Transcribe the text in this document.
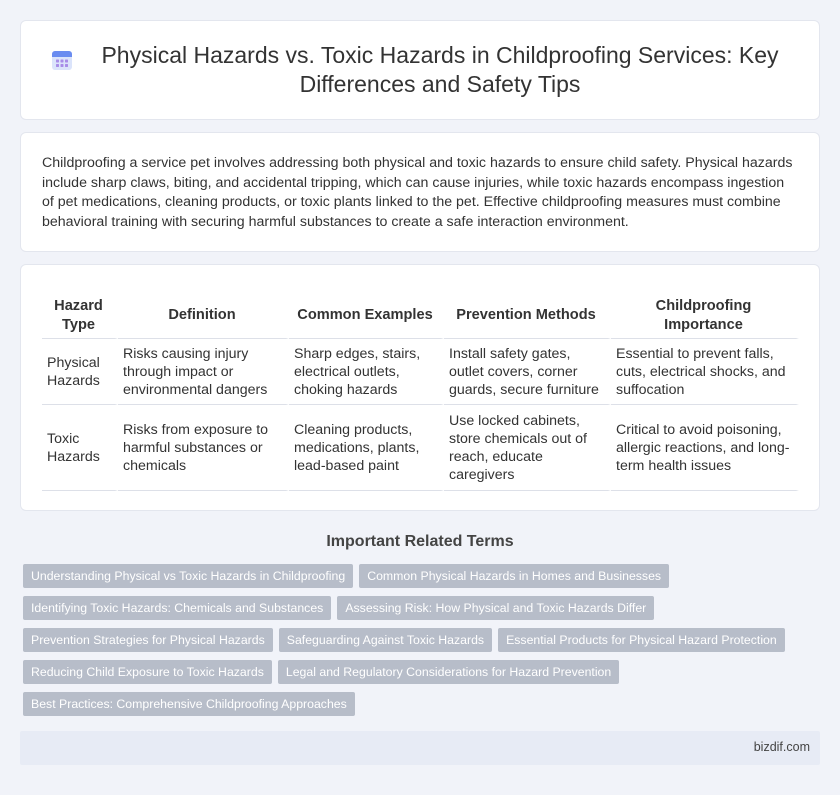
Physical Hazards vs. Toxic Hazards in Childproofing Services: Key Differences and Safety Tips

Childproofing a service pet involves addressing both physical and toxic hazards to ensure child safety. Physical hazards include sharp claws, biting, and accidental tripping, which can cause injuries, while toxic hazards encompass ingestion of pet medications, cleaning products, or toxic plants linked to the pet. Effective childproofing measures must combine behavioral training with securing harmful substances to create a safe interaction environment.

Hazard Type	Definition	Common Examples	Prevention Methods	Childproofing Importance
Physical Hazards	Risks causing injury through impact or environmental dangers	Sharp edges, stairs, electrical outlets, choking hazards	Install safety gates, outlet covers, corner guards, secure furniture	Essential to prevent falls, cuts, electrical shocks, and suffocation
Toxic Hazards	Risks from exposure to harmful substances or chemicals	Cleaning products, medications, plants, lead-based paint	Use locked cabinets, store chemicals out of reach, educate caregivers	Critical to avoid poisoning, allergic reactions, and long-term health issues
Important Related Terms
Understanding Physical vs Toxic Hazards in Childproofing	Common Physical Hazards in Homes and Businesses
Identifying Toxic Hazards: Chemicals and Substances	Assessing Risk: How Physical and Toxic Hazards Differ
Prevention Strategies for Physical Hazards	Safeguarding Against Toxic Hazards	Essential Products for Physical Hazard Protection
Reducing Child Exposure to Toxic Hazards	Legal and Regulatory Considerations for Hazard Prevention
Best Practices: Comprehensive Childproofing Approaches
bizdif.com
